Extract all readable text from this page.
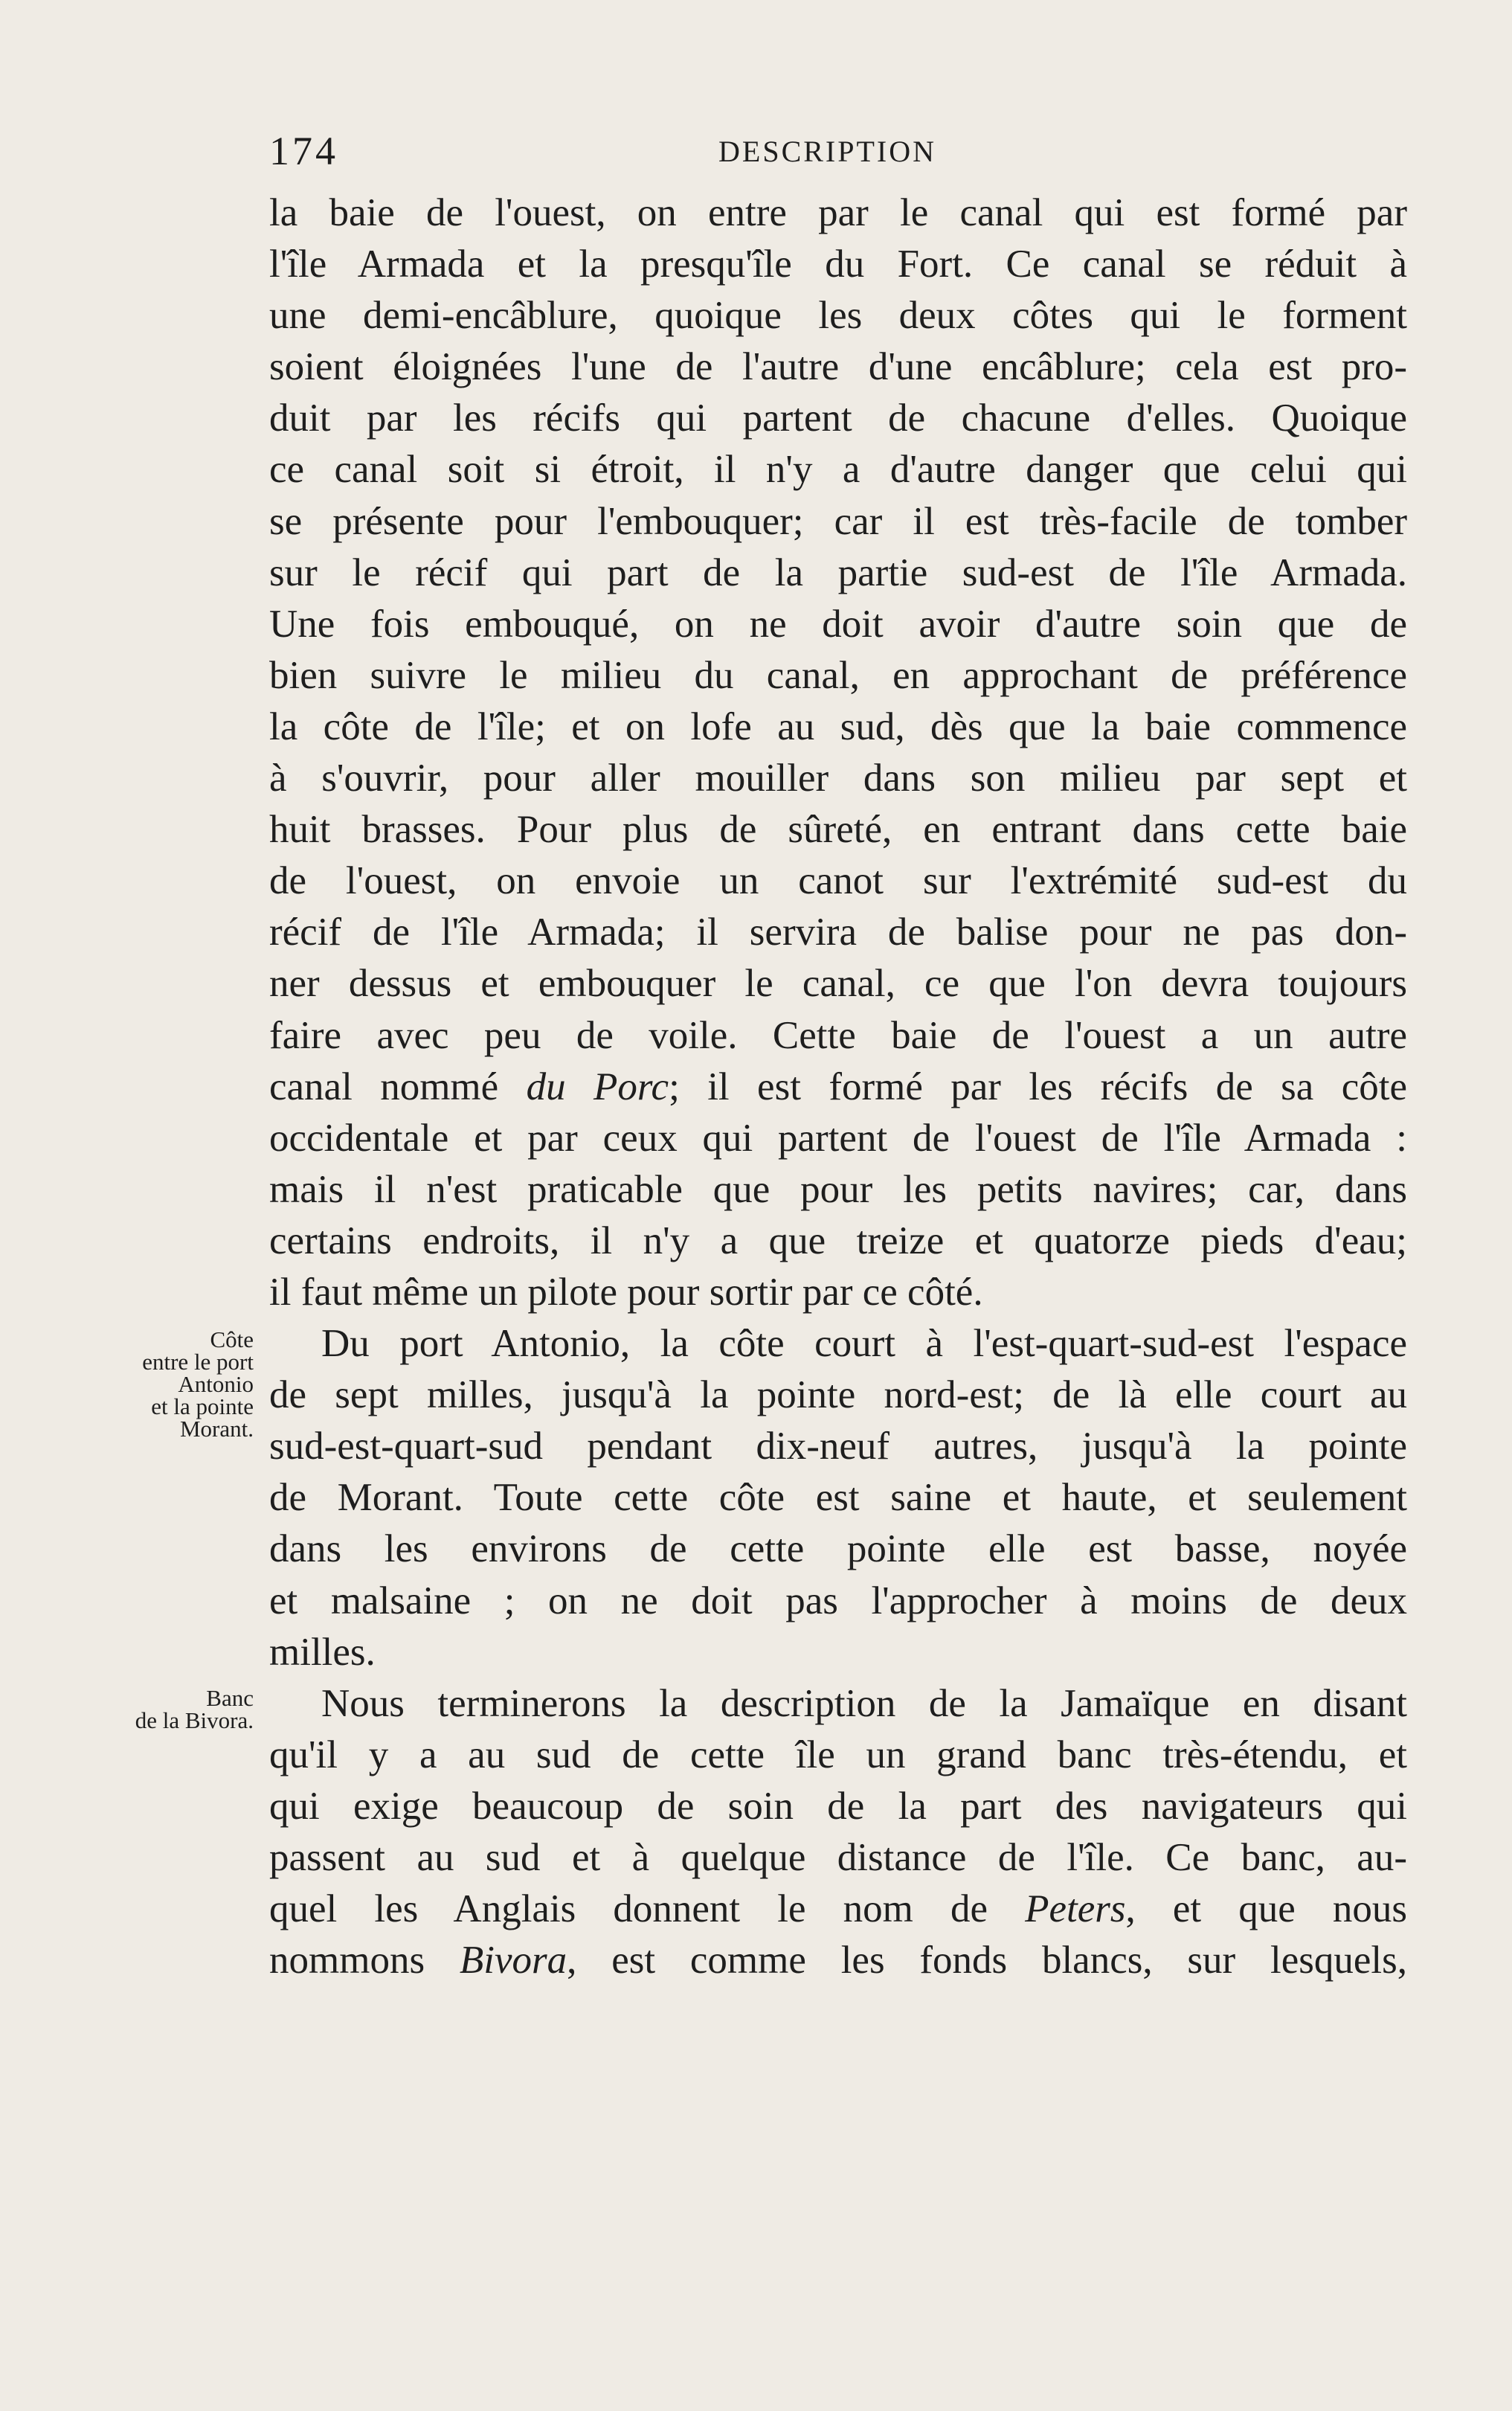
174	DESCRIPTION
Côte
entre le port
Antonio
et la pointe
Morant.
Banc
de la Bivora.
la baie de l'ouest, on entre par le canal qui est formé par
l'île Armada et la presqu'île du Fort. Ce canal se réduit à
une demi-encâblure, quoique les deux côtes qui le forment
soient éloignées l'une de l'autre d'une encâblure; cela est pro-
duit par les récifs qui partent de chacune d'elles. Quoique
ce canal soit si étroit, il n'y a d'autre danger que celui qui
se présente pour l'embouquer; car il est très-facile de tomber
sur le récif qui part de la partie sud-est de l'île Armada.
Une fois embouqué, on ne doit avoir d'autre soin que de
bien suivre le milieu du canal, en approchant de préférence
la côte de l'île; et on lofe au sud, dès que la baie commence
à s'ouvrir, pour aller mouiller dans son milieu par sept et
huit brasses. Pour plus de sûreté, en entrant dans cette baie
de l'ouest, on envoie un canot sur l'extrémité sud-est du
récif de l'île Armada; il servira de balise pour ne pas don-
ner dessus et embouquer le canal, ce que l'on devra toujours
faire avec peu de voile. Cette baie de l'ouest a un autre
canal nommé du Porc; il est formé par les récifs de sa côte
occidentale et par ceux qui partent de l'ouest de l'île Armada :
mais il n'est praticable que pour les petits navires; car, dans
certains endroits, il n'y a que treize et quatorze pieds d'eau;
il faut même un pilote pour sortir par ce côté.
Du port Antonio, la côte court à l'est-quart-sud-est l'espace
de sept milles, jusqu'à la pointe nord-est; de là elle court au
sud-est-quart-sud pendant dix-neuf autres, jusqu'à la pointe
de Morant. Toute cette côte est saine et haute, et seulement
dans les environs de cette pointe elle est basse, noyée
et malsaine ; on ne doit pas l'approcher à moins de deux
milles.
Nous terminerons la description de la Jamaïque en disant
qu'il y a au sud de cette île un grand banc très-étendu, et
qui exige beaucoup de soin de la part des navigateurs qui
passent au sud et à quelque distance de l'île. Ce banc, au-
quel les Anglais donnent le nom de Peters, et que nous
nommons Bivora, est comme les fonds blancs, sur lesquels,
